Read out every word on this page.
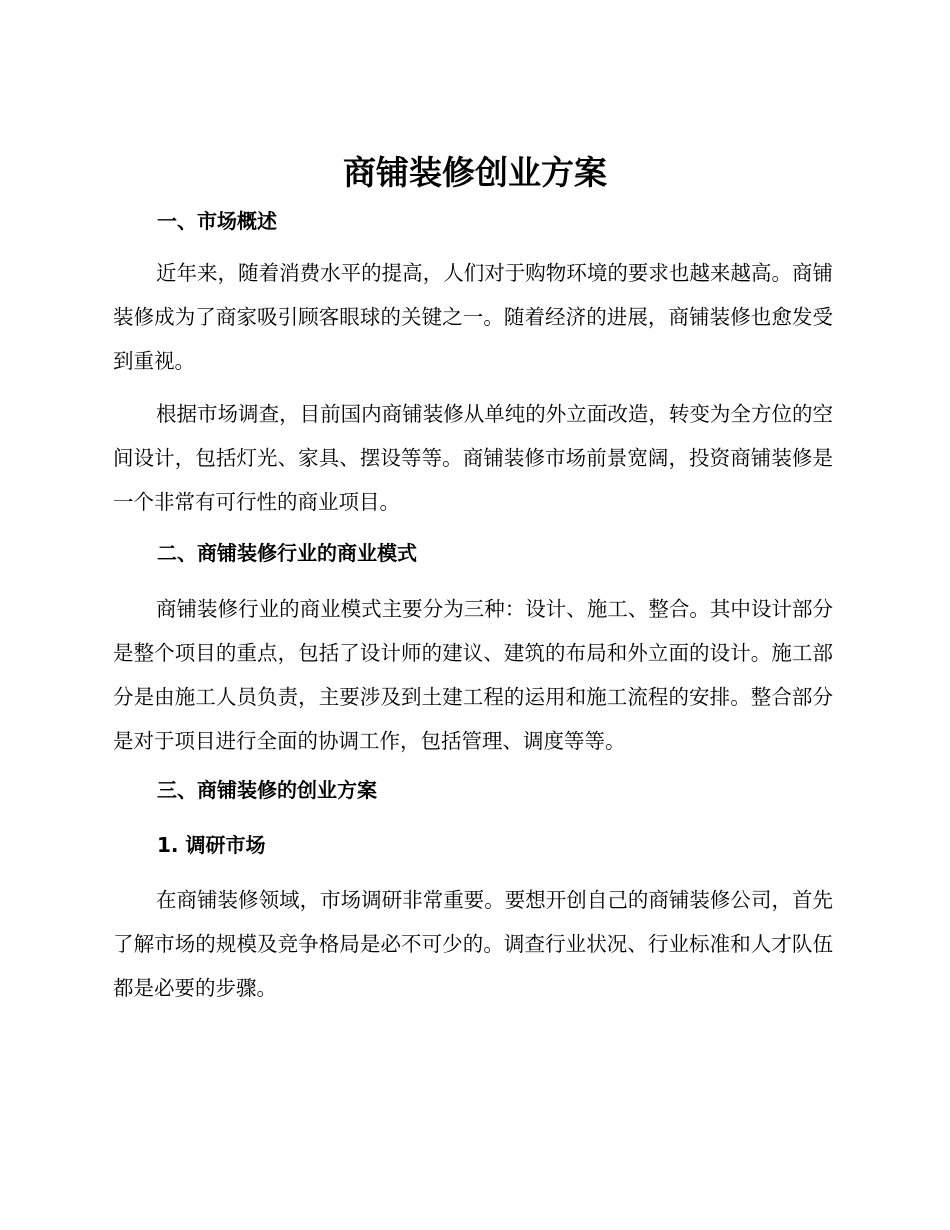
商铺装修创业方案
一、市场概述

近年来，随着消费水平的提高，人们对于购物环境的要求也越来越高。商铺装修成为了商家吸引顾客眼球的关键之一。随着经济的进展，商铺装修也愈发受到重视。

根据市场调查，目前国内商铺装修从单纯的外立面改造，转变为全方位的空间设计，包括灯光、家具、摆设等等。商铺装修市场前景宽阔，投资商铺装修是一个非常有可行性的商业项目。

二、商铺装修行业的商业模式

商铺装修行业的商业模式主要分为三种：设计、施工、整合。其中设计部分是整个项目的重点，包括了设计师的建议、建筑的布局和外立面的设计。施工部分是由施工人员负责，主要涉及到土建工程的运用和施工流程的安排。整合部分是对于项目进行全面的协调工作，包括管理、调度等等。

三、商铺装修的创业方案
1. 调研市场

在商铺装修领域，市场调研非常重要。要想开创自己的商铺装修公司，首先了解市场的规模及竞争格局是必不可少的。调查行业状况、行业标准和人才队伍都是必要的步骤。
